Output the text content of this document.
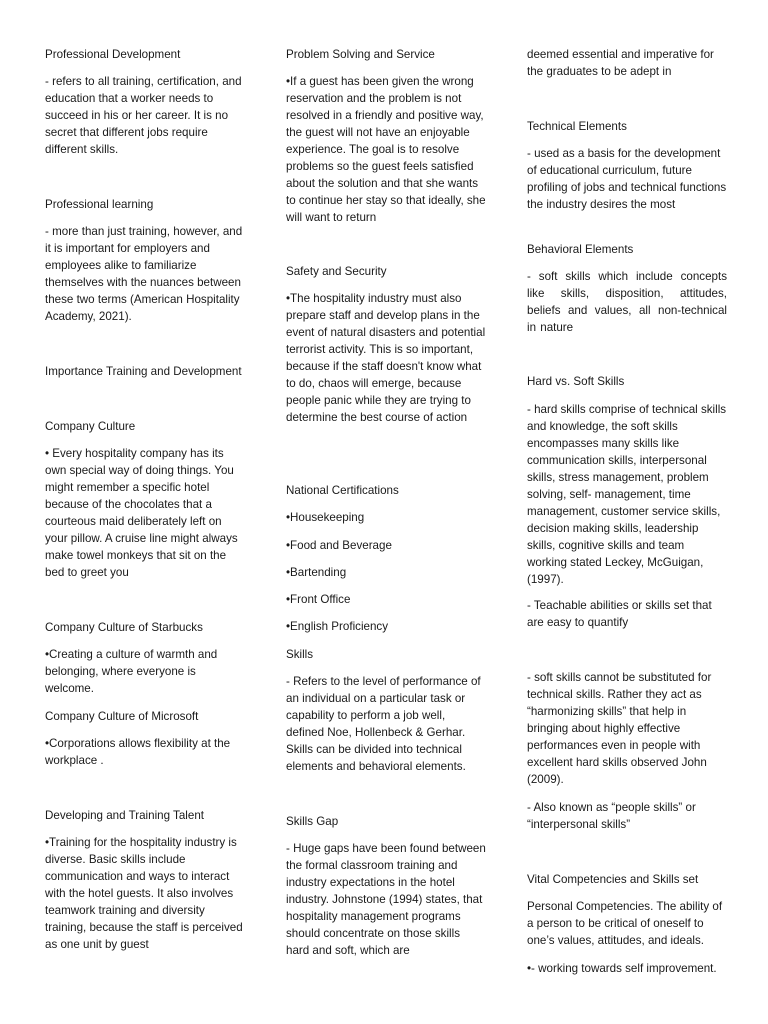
Professional Development

- refers to all training, certification, and education that a worker needs to succeed in his or her career. It is no secret that different jobs require different skills.

Professional learning

- more than just training, however, and it is important for employers and employees alike to familiarize themselves with the nuances between these two terms (American Hospitality Academy, 2021).

Importance Training and Development

Company Culture

• Every hospitality company has its own special way of doing things. You might remember a specific hotel because of the chocolates that a courteous maid deliberately left on your pillow. A cruise line might always make towel monkeys that sit on the bed to greet you

Company Culture of Starbucks

•Creating a culture of warmth and belonging, where everyone is welcome.

Company Culture of Microsoft

•Corporations allows flexibility at the workplace .

Developing and Training Talent

•Training for the hospitality industry is diverse. Basic skills include communication and ways to interact with the hotel guests. It also involves teamwork training and diversity training, because the staff is perceived as one unit by guest

Problem Solving and Service

•If a guest has been given the wrong reservation and the problem is not resolved in a friendly and positive way, the guest will not have an enjoyable experience. The goal is to resolve problems so the guest feels satisfied about the solution and that she wants to continue her stay so that ideally, she will want to return

Safety and Security

•The hospitality industry must also prepare staff and develop plans in the event of natural disasters and potential terrorist activity. This is so important, because if the staff doesn't know what to do, chaos will emerge, because people panic while they are trying to determine the best course of action

National Certifications

•Housekeeping

•Food and Beverage

•Bartending

•Front Office

•English Proficiency

Skills

- Refers to the level of performance of an individual on a particular task or capability to perform a job well, defined Noe, Hollenbeck & Gerhar. Skills can be divided into technical elements and behavioral elements.

Skills Gap

- Huge gaps have been found between the formal classroom training and industry expectations in the hotel industry. Johnstone (1994) states, that hospitality management programs should concentrate on those skills hard and soft, which are

deemed essential and imperative for the graduates to be adept in

Technical Elements

- used as a basis for the development of educational curriculum, future profiling of jobs and technical functions the industry desires the most

Behavioral Elements

- soft skills which include concepts like skills, disposition, attitudes, beliefs and values, all non-technical in nature

Hard vs. Soft Skills

- hard skills comprise of technical skills and knowledge, the soft skills encompasses many skills like communication skills, interpersonal skills, stress management, problem solving, self- management, time management, customer service skills, decision making skills, leadership skills, cognitive skills and team working stated Leckey, McGuigan, (1997).

- Teachable abilities or skills set that are easy to quantify

- soft skills cannot be substituted for technical skills. Rather they act as “harmonizing skills” that help in bringing about highly effective performances even in people with excellent hard skills observed John (2009).

- Also known as “people skills” or “interpersonal skills”

Vital Competencies and Skills set

Personal Competencies. The ability of a person to be critical of oneself to one’s values, attitudes, and ideals.

•- working towards self improvement.
